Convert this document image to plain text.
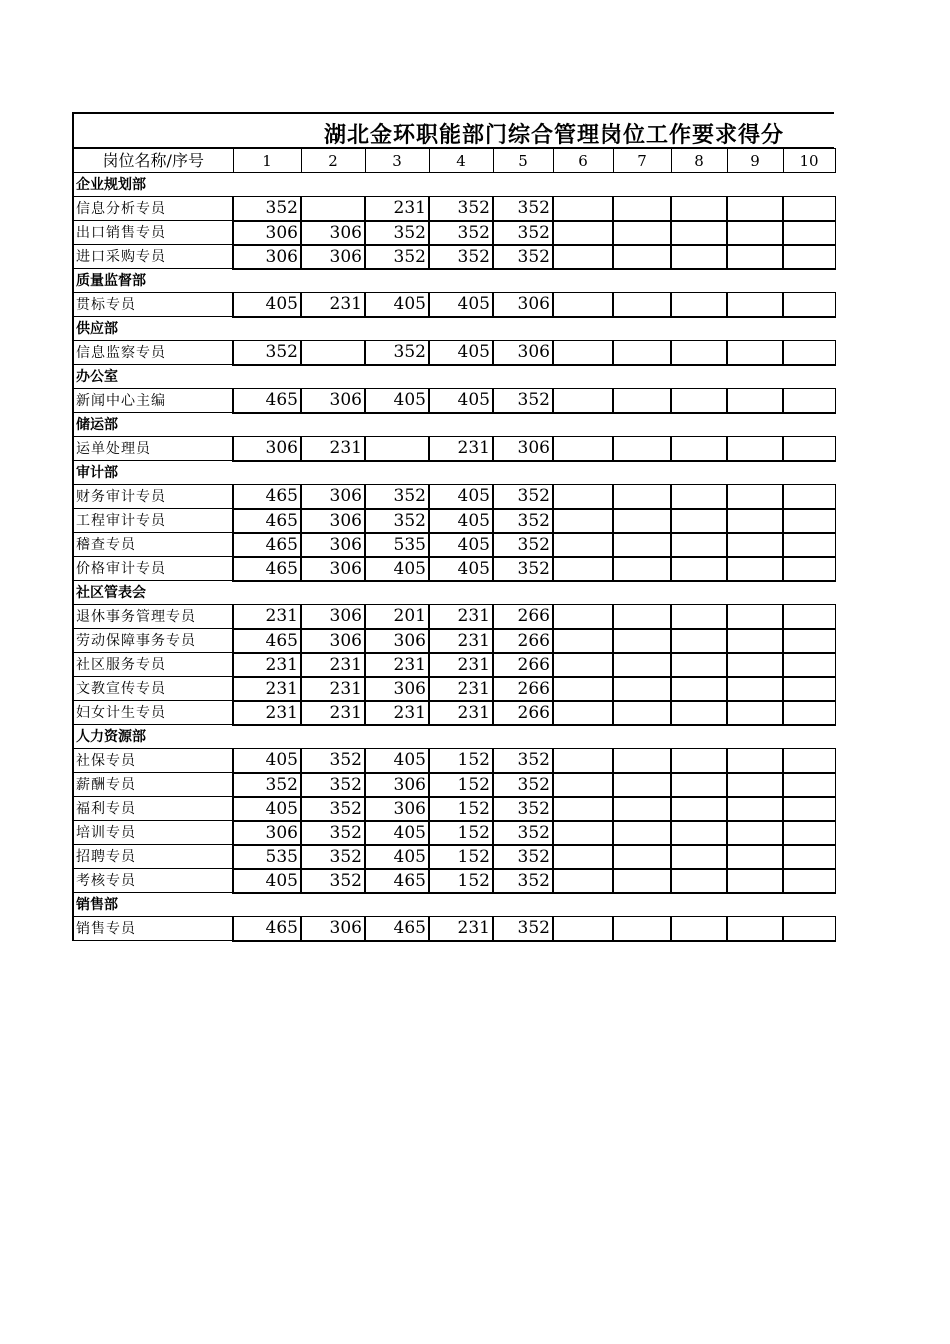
湖北金环职能部门综合管理岗位工作要求得分
岗位名称/序号	1	2	3	4	5	6	7	8	9	10
企业规划部										
信息分析专员	352		231	352	352					
出口销售专员	306	306	352	352	352					
进口采购专员	306	306	352	352	352					
质量监督部										
贯标专员	405	231	405	405	306					
供应部										
信息监察专员	352		352	405	306					
办公室										
新闻中心主编	465	306	405	405	352					
储运部										
运单处理员	306	231		231	306					
审计部										
财务审计专员	465	306	352	405	352					
工程审计专员	465	306	352	405	352					
稽查专员	465	306	535	405	352					
价格审计专员	465	306	405	405	352					
社区管表会										
退休事务管理专员	231	306	201	231	266					
劳动保障事务专员	465	306	306	231	266					
社区服务专员	231	231	231	231	266					
文教宣传专员	231	231	306	231	266					
妇女计生专员	231	231	231	231	266					
人力资源部										
社保专员	405	352	405	152	352					
薪酬专员	352	352	306	152	352					
福利专员	405	352	306	152	352					
培训专员	306	352	405	152	352					
招聘专员	535	352	405	152	352					
考核专员	405	352	465	152	352					
销售部										
销售专员	465	306	465	231	352					
